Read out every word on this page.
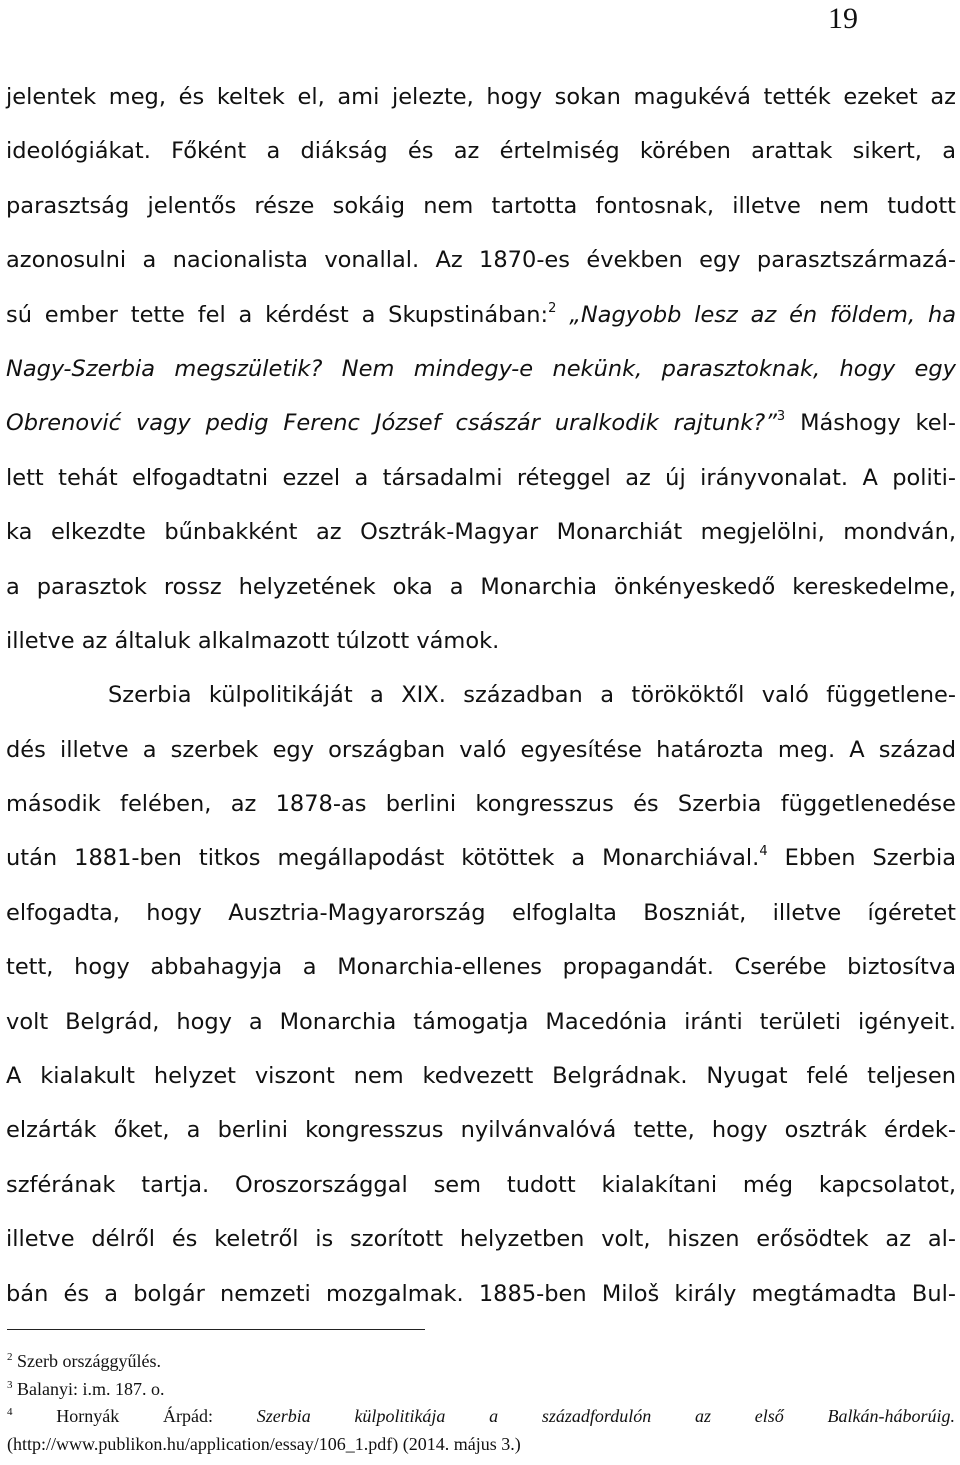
19
jelentek meg, és keltek el, ami jelezte, hogy sokan magukévá tették ezeket az
ideológiákat. Főként a diákság és az értelmiség körében arattak sikert, a
parasztság jelentős része sokáig nem tartotta fontosnak, illetve nem tudott
azonosulni a nacionalista vonallal. Az 1870-es években egy parasztszármazá-
sú ember tette fel a kérdést a Skupstinában:$^2$ „Nagyobb lesz az én földem, ha
Nagy-Szerbia megszületik? Nem mindegy-e nekünk, parasztoknak, hogy egy
Obrenović vagy pedig Ferenc József császár uralkodik rajtunk?”$^3$ Máshogy kel-
lett tehát elfogadtatni ezzel a társadalmi réteggel az új irányvonalat. A politi-
ka elkezdte bűnbakként az Osztrák-Magyar Monarchiát megjelölni, mondván,
a parasztok rossz helyzetének oka a Monarchia önkényeskedő kereskedelme,
illetve az általuk alkalmazott túlzott vámok.
Szerbia külpolitikáját a XIX. században a törököktől való függetlene-
dés illetve a szerbek egy országban való egyesítése határozta meg. A század
második felében, az 1878-as berlini kongresszus és Szerbia függetlenedése
után 1881-ben titkos megállapodást kötöttek a Monarchiával.$^4$ Ebben Szerbia
elfogadta, hogy Ausztria-Magyarország elfoglalta Boszniát, illetve ígéretet
tett, hogy abbahagyja a Monarchia-ellenes propagandát. Cserébe biztosítva
volt Belgrád, hogy a Monarchia támogatja Macedónia iránti területi igényeit.
A kialakult helyzet viszont nem kedvezett Belgrádnak. Nyugat felé teljesen
elzárták őket, a berlini kongresszus nyilvánvalóvá tette, hogy osztrák érdek-
szférának tartja. Oroszországgal sem tudott kialakítani még kapcsolatot,
illetve délről és keletről is szorított helyzetben volt, hiszen erősödtek az al-
bán és a bolgár nemzeti mozgalmak. 1885-ben Miloš király megtámadta Bul-
$^2$ Szerb országgyűlés.
$^3$ Balanyi: i.m. 187. o.
$^4$ Hornyák Árpád: Szerbia külpolitikája a századfordulón az első Balkán-háborúig.
(http://www.publikon.hu/application/essay/106_1.pdf) (2014. május 3.)
